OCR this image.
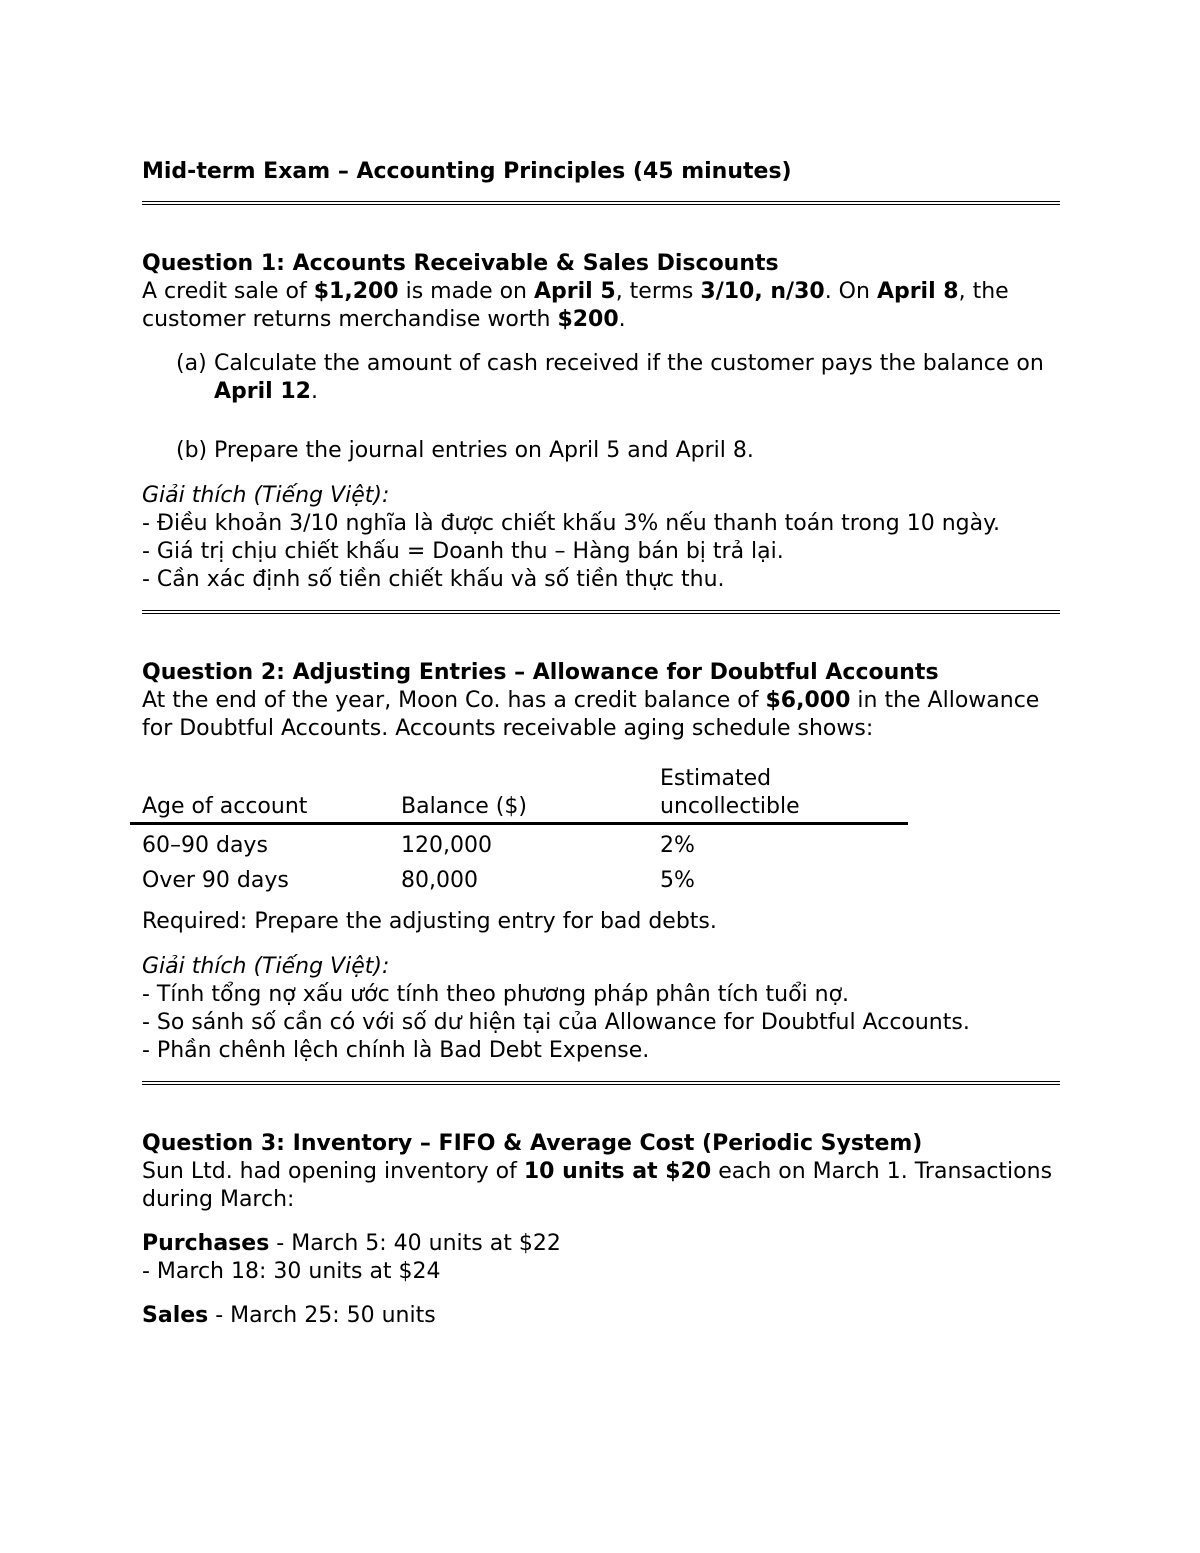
Mid-term Exam – Accounting Principles (45 minutes)

Question 1: Accounts Receivable & Sales Discounts

A credit sale of $1,200 is made on April 5, terms 3/10, n/30. On April 8, the customer returns merchandise worth $200.

(a) Calculate the amount of cash received if the customer pays the balance on April 12.
(b) Prepare the journal entries on April 5 and April 8.

Giải thích (Tiếng Việt):

- Điều khoản 3/10 nghĩa là được chiết khấu 3% nếu thanh toán trong 10 ngày.

- Giá trị chịu chiết khấu = Doanh thu – Hàng bán bị trả lại.

- Cần xác định số tiền chiết khấu và số tiền thực thu.

Question 2: Adjusting Entries – Allowance for Doubtful Accounts

At the end of the year, Moon Co. has a credit balance of $6,000 in the Allowance for Doubtful Accounts. Accounts receivable aging schedule shows:

Age of account	Balance ($)	Estimated uncollectible
60–90 days	120,000	2%
Over 90 days	80,000	5%

Required: Prepare the adjusting entry for bad debts.

Giải thích (Tiếng Việt):

- Tính tổng nợ xấu ước tính theo phương pháp phân tích tuổi nợ.

- So sánh số cần có với số dư hiện tại của Allowance for Doubtful Accounts.

- Phần chênh lệch chính là Bad Debt Expense.

Question 3: Inventory – FIFO & Average Cost (Periodic System)

Sun Ltd. had opening inventory of 10 units at $20 each on March 1. Transactions during March:

Purchases - March 5: 40 units at $22

- March 18: 30 units at $24

Sales - March 25: 50 units
